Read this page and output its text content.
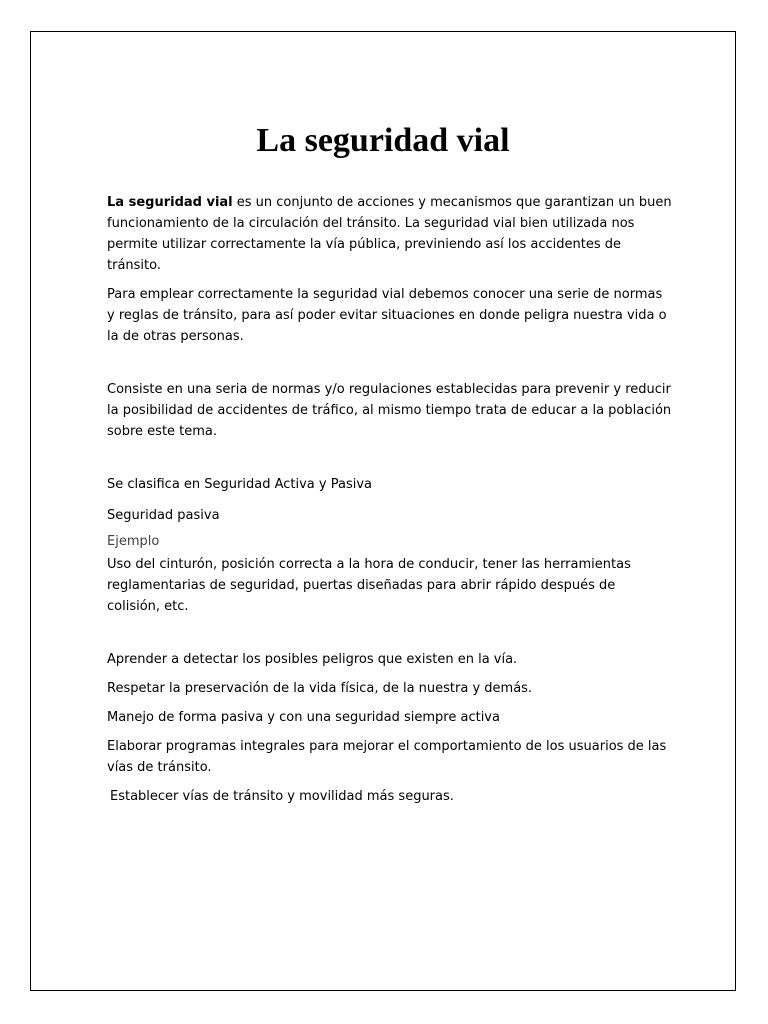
La seguridad vial

La seguridad vial es un conjunto de acciones y mecanismos que garantizan un buen funcionamiento de la circulación del tránsito. La seguridad vial bien utilizada nos permite utilizar correctamente la vía pública, previniendo así los accidentes de tránsito.

Para emplear correctamente la seguridad vial debemos conocer una serie de normas y reglas de tránsito, para así poder evitar situaciones en donde peligra nuestra vida o la de otras personas.

Consiste en una seria de normas y/o regulaciones establecidas para prevenir y reducir la posibilidad de accidentes de tráfico, al mismo tiempo trata de educar a la población sobre este tema.

Se clasifica en Seguridad Activa y Pasiva

Seguridad pasiva

Ejemplo

Uso del cinturón, posición correcta a la hora de conducir, tener las herramientas reglamentarias de seguridad, puertas diseñadas para abrir rápido después de colisión, etc.

Aprender a detectar los posibles peligros que existen en la vía.

Respetar la preservación de la vida física, de la nuestra y demás.

Manejo de forma pasiva y con una seguridad siempre activa

Elaborar programas integrales para mejorar el comportamiento de los usuarios de las vías de tránsito.

Establecer vías de tránsito y movilidad más seguras.
